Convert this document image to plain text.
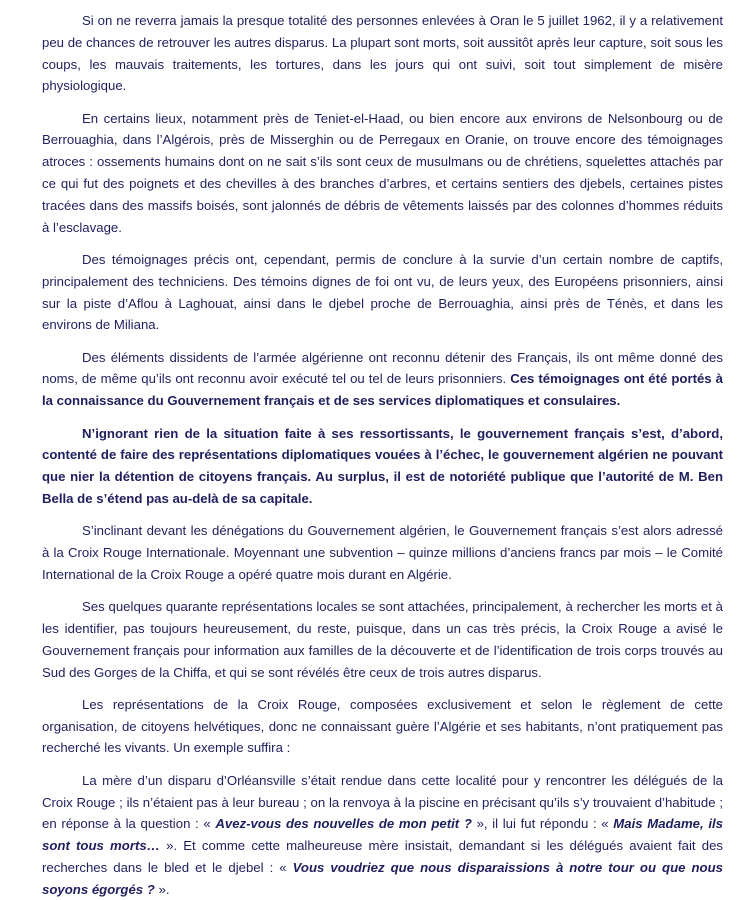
Si on ne reverra jamais la presque totalité des personnes enlevées à Oran le 5 juillet 1962, il y a relativement peu de chances de retrouver les autres disparus. La plupart sont morts, soit aussitôt après leur capture, soit sous les coups, les mauvais traitements, les tortures, dans les jours qui ont suivi, soit tout simplement de misère physiologique.

En certains lieux, notamment près de Teniet-el-Haad, ou bien encore aux environs de Nelsonbourg ou de Berrouaghia, dans l’Algérois, près de Misserghin ou de Perregaux en Oranie, on trouve encore des témoignages atroces : ossements humains dont on ne sait s’ils sont ceux de musulmans ou de chrétiens, squelettes attachés par ce qui fut des poignets et des chevilles à des branches d’arbres, et certains sentiers des djebels, certaines pistes tracées dans des massifs boisés, sont jalonnés de débris de vêtements laissés par des colonnes d’hommes réduits à l’esclavage.

Des témoignages précis ont, cependant, permis de conclure à la survie d’un certain nombre de captifs, principalement des techniciens. Des témoins dignes de foi ont vu, de leurs yeux, des Européens prisonniers, ainsi sur la piste d’Aflou à Laghouat, ainsi dans le djebel proche de Berrouaghia, ainsi près de Ténès, et dans les environs de Miliana.

Des éléments dissidents de l’armée algérienne ont reconnu détenir des Français, ils ont même donné des noms, de même qu’ils ont reconnu avoir exécuté tel ou tel de leurs prisonniers. Ces témoignages ont été portés à la connaissance du Gouvernement français et de ses services diplomatiques et consulaires.

N’ignorant rien de la situation faite à ses ressortissants, le gouvernement français s’est, d’abord, contenté de faire des représentations diplomatiques vouées à l’échec, le gouvernement algérien ne pouvant que nier la détention de citoyens français. Au surplus, il est de notoriété publique que l’autorité de M. Ben Bella de s’étend pas au-delà de sa capitale.

S’inclinant devant les dénégations du Gouvernement algérien, le Gouvernement français s’est alors adressé à la Croix Rouge Internationale. Moyennant une subvention – quinze millions d’anciens francs par mois – le Comité International de la Croix Rouge a opéré quatre mois durant en Algérie.

Ses quelques quarante représentations locales se sont attachées, principalement, à rechercher les morts et à les identifier, pas toujours heureusement, du reste, puisque, dans un cas très précis, la Croix Rouge a avisé le Gouvernement français pour information aux familles de la découverte et de l’identification de trois corps trouvés au Sud des Gorges de la Chiffa, et qui se sont révélés être ceux de trois autres disparus.

Les représentations de la Croix Rouge, composées exclusivement et selon le règlement de cette organisation, de citoyens helvétiques, donc ne connaissant guère l’Algérie et ses habitants, n’ont pratiquement pas recherché les vivants. Un exemple suffira :

La mère d’un disparu d’Orléansville s’était rendue dans cette localité pour y rencontrer les délégués de la Croix Rouge ; ils n’étaient pas à leur bureau ; on la renvoya à la piscine en précisant qu’ils s’y trouvaient d’habitude ; en réponse à la question : « Avez-vous des nouvelles de mon petit ? », il lui fut répondu : « Mais Madame, ils sont tous morts… ». Et comme cette malheureuse mère insistait, demandant si les délégués avaient fait des recherches dans le bled et le djebel : « Vous voudriez que nous disparaissions à notre tour ou que nous soyons égorgés ? ».
